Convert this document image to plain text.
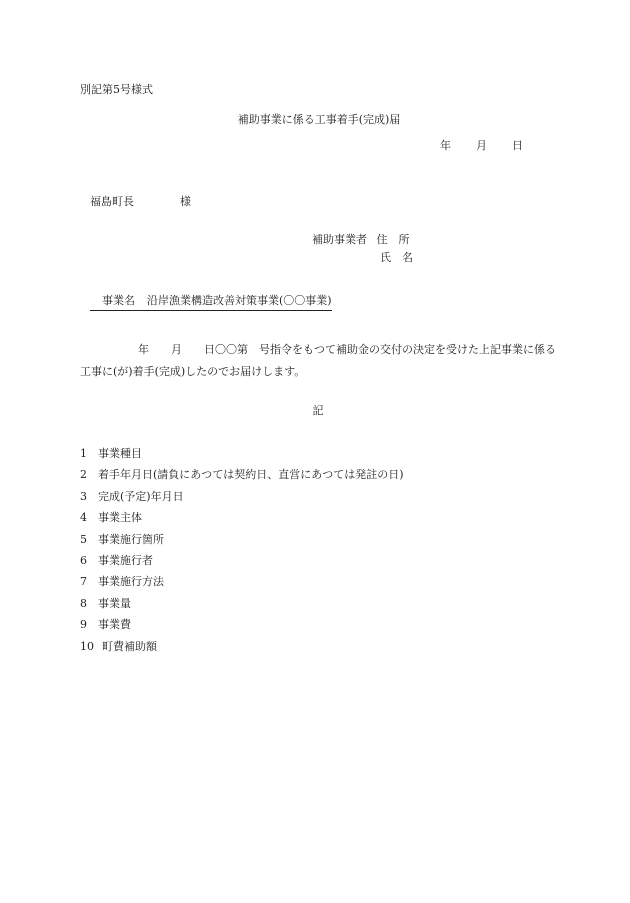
別記第5号様式
補助事業に係る工事着手(完成)届
年 月 日
福島町長	様
補助事業者 住　所
氏　名
事業名 沿岸漁業構造改善対策事業(〇〇事業)
年　　月　　日〇〇第　号指令をもつて補助金の交付の決定を受けた上記事業に係る工事に(が)着手(完成)したのでお届けします。
記
1 事業種目
2 着手年月日(請負にあつては契約日、直営にあつては発註の日)
3 完成(予定)年月日
4 事業主体
5 事業施行箇所
6 事業施行者
7 事業施行方法
8 事業量
9 事業費
10 町費補助額
